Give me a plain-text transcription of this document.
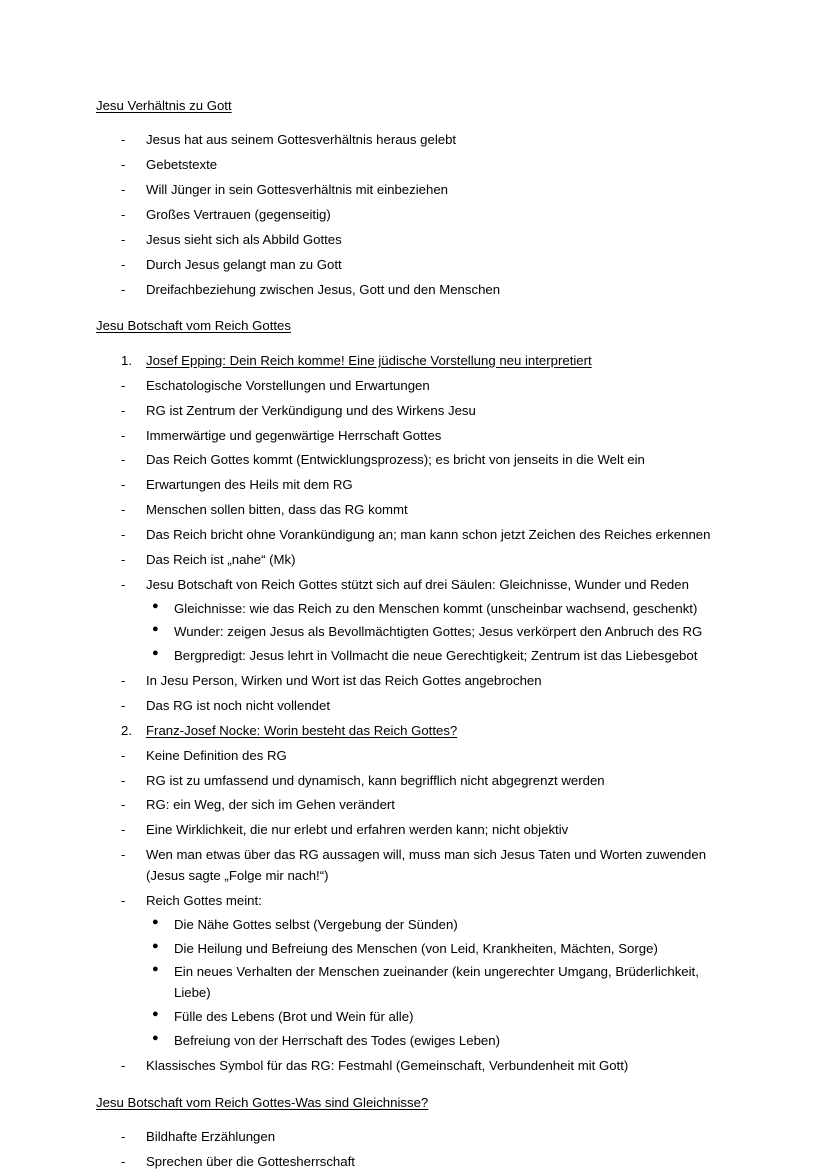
Jesu Verhältnis zu Gott
- Jesus hat aus seinem Gottesverhältnis heraus gelebt
- Gebetstexte
- Will Jünger in sein Gottesverhältnis mit einbeziehen
- Großes Vertrauen (gegenseitig)
- Jesus sieht sich als Abbild Gottes
- Durch Jesus gelangt man zu Gott
- Dreifachbeziehung zwischen Jesus, Gott und den Menschen
Jesu Botschaft vom Reich Gottes
1. Josef Epping: Dein Reich komme! Eine jüdische Vorstellung neu interpretiert
- Eschatologische Vorstellungen und Erwartungen
- RG ist Zentrum der Verkündigung und des Wirkens Jesu
- Immerwärtige und gegenwärtige Herrschaft Gottes
- Das Reich Gottes kommt (Entwicklungsprozess); es bricht von jenseits in die Welt ein
- Erwartungen des Heils mit dem RG
- Menschen sollen bitten, dass das RG kommt
- Das Reich bricht ohne Vorankündigung an; man kann schon jetzt Zeichen des Reiches erkennen
- Das Reich ist „nahe“ (Mk)
- Jesu Botschaft von Reich Gottes stützt sich auf drei Säulen: Gleichnisse, Wunder und Reden
● Gleichnisse: wie das Reich zu den Menschen kommt (unscheinbar wachsend, geschenkt)
● Wunder: zeigen Jesus als Bevollmächtigten Gottes; Jesus verkörpert den Anbruch des RG
● Bergpredigt: Jesus lehrt in Vollmacht die neue Gerechtigkeit; Zentrum ist das Liebesgebot
- In Jesu Person, Wirken und Wort ist das Reich Gottes angebrochen
- Das RG ist noch nicht vollendet
2. Franz-Josef Nocke: Worin besteht das Reich Gottes?
- Keine Definition des RG
- RG ist zu umfassend und dynamisch, kann begrifflich nicht abgegrenzt werden
- RG: ein Weg, der sich im Gehen verändert
- Eine Wirklichkeit, die nur erlebt und erfahren werden kann; nicht objektiv
- Wen man etwas über das RG aussagen will, muss man sich Jesus Taten und Worten zuwenden (Jesus sagte „Folge mir nach!“)
- Reich Gottes meint:
● Die Nähe Gottes selbst (Vergebung der Sünden)
● Die Heilung und Befreiung des Menschen (von Leid, Krankheiten, Mächten, Sorge)
● Ein neues Verhalten der Menschen zueinander (kein ungerechter Umgang, Brüderlichkeit, Liebe)
● Fülle des Lebens (Brot und Wein für alle)
● Befreiung von der Herrschaft des Todes (ewiges Leben)
- Klassisches Symbol für das RG: Festmahl (Gemeinschaft, Verbundenheit mit Gott)
Jesu Botschaft vom Reich Gottes-Was sind Gleichnisse?
- Bildhafte Erzählungen
- Sprechen über die Gottesherrschaft
